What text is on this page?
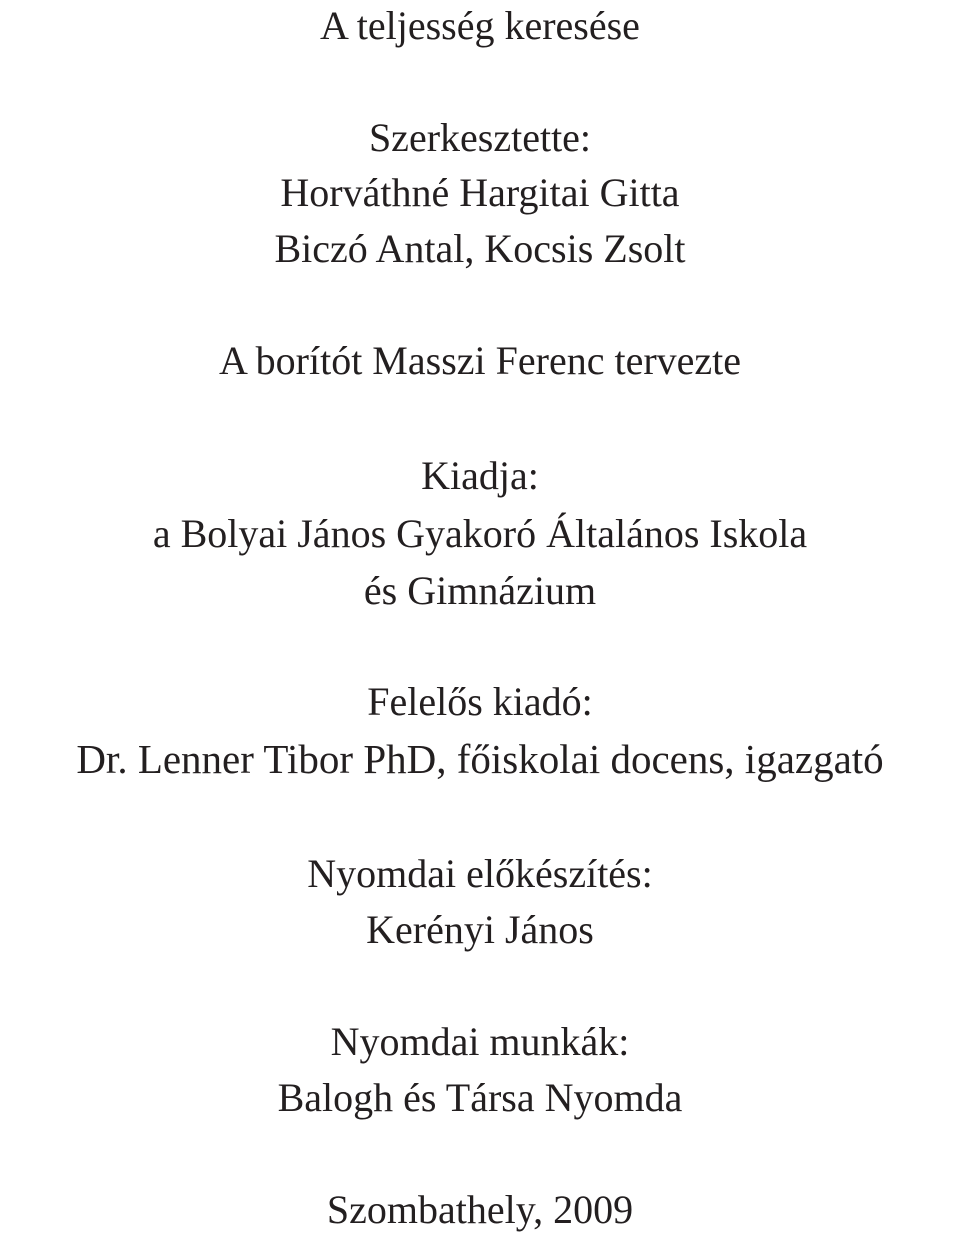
A teljesség keresése
Szerkesztette:
Horváthné Hargitai Gitta
Biczó Antal, Kocsis Zsolt
A borítót Masszi Ferenc tervezte
Kiadja:
a Bolyai János Gyakoró Általános Iskola
és Gimnázium
Felelős kiadó:
Dr. Lenner Tibor PhD, főiskolai docens, igazgató
Nyomdai előkészítés:
Kerényi János
Nyomdai munkák:
Balogh és Társa Nyomda
Szombathely, 2009
